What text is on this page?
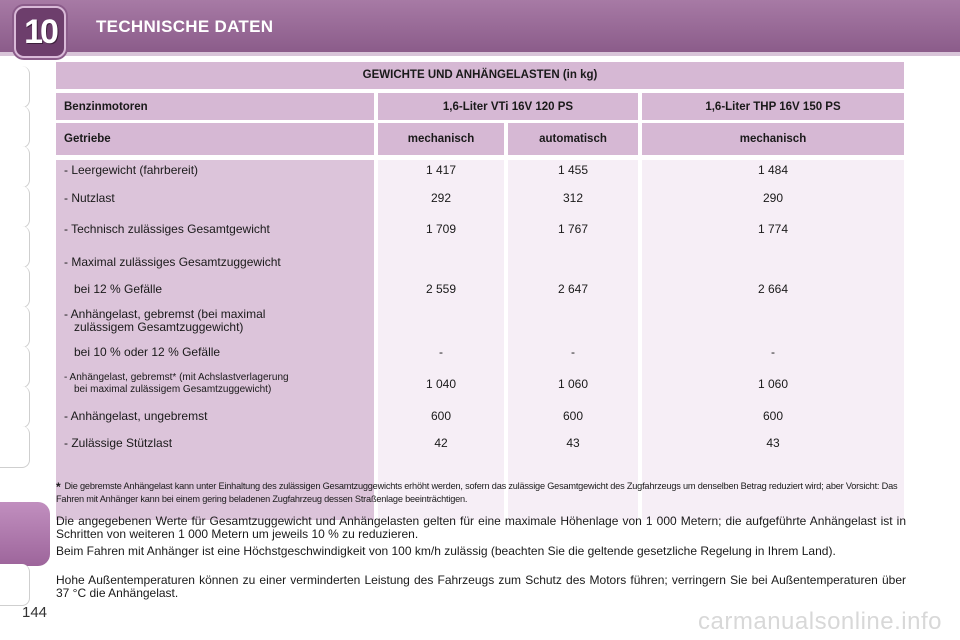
10	TECHNISCHE DATEN
GEWICHTE UND ANHÄNGELASTEN (in kg)
Benzinmotoren	1,6-Liter VTi 16V 120 PS	1,6-Liter THP 16V 150 PS
Getriebe	mechanisch	automatisch	mechanisch
- Leergewicht (fahrbereit)	1 417	1 455	1 484
- Nutzlast	292	312	290
- Technisch zulässiges Gesamtgewicht	1 709	1 767	1 774
- Maximal zulässiges Gesamtzuggewicht
bei 12 % Gefälle	2 559	2 647	2 664
- Anhängelast, gebremst (bei maximal
zulässigem Gesamtzuggewicht)
bei 10 % oder 12 % Gefälle	-	-	-
- Anhängelast, gebremst* (mit Achslastverlagerung
bei maximal zulässigem Gesamtzuggewicht)	1 040	1 060	1 060
- Anhängelast, ungebremst	600	600	600
- Zulässige Stützlast	42	43	43
* Die gebremste Anhängelast kann unter Einhaltung des zulässigen Gesamtzuggewichts erhöht werden, sofern das zulässige Gesamtgewicht des Zugfahrzeugs um denselben Betrag reduziert wird; aber Vorsicht: Das Fahren mit Anhänger kann bei einem gering beladenen Zugfahrzeug dessen Straßenlage beeinträchtigen.
Die angegebenen Werte für Gesamtzuggewicht und Anhängelasten gelten für eine maximale Höhenlage von 1 000 Metern; die aufgeführte Anhängelast ist in Schritten von weiteren 1 000 Metern um jeweils 10 % zu reduzieren.
Beim Fahren mit Anhänger ist eine Höchstgeschwindigkeit von 100 km/h zulässig (beachten Sie die geltende gesetzliche Regelung in Ihrem Land).
Hohe Außentemperaturen können zu einer verminderten Leistung des Fahrzeugs zum Schutz des Motors führen; verringern Sie bei Außentemperaturen über 37 °C die Anhängelast.
144	carmanualsonline.info
